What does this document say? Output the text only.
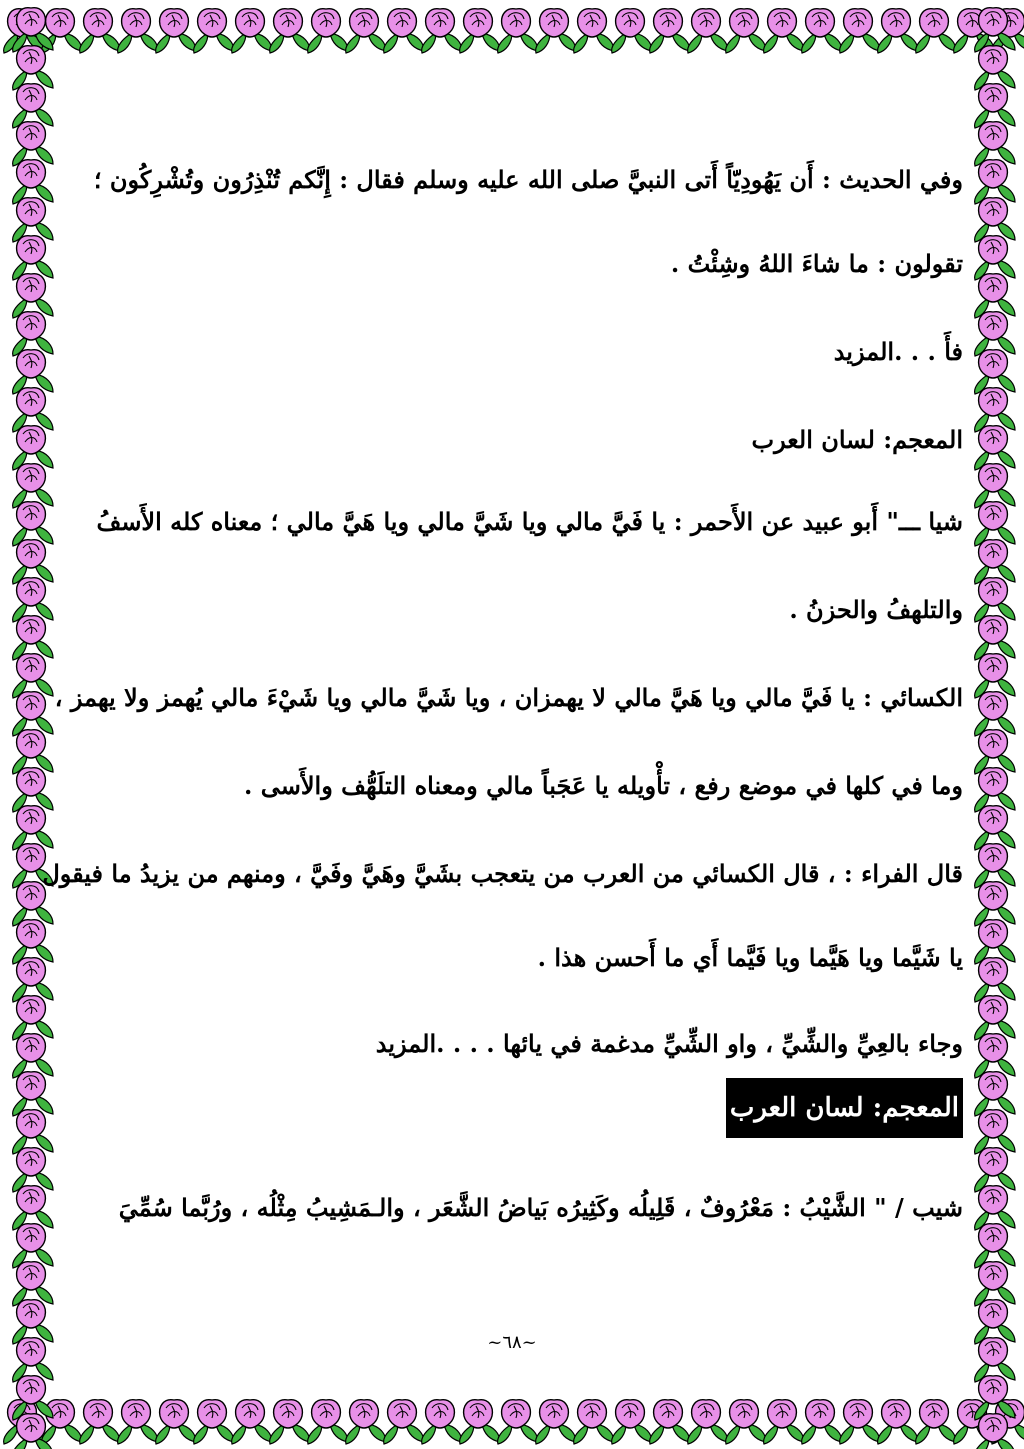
وفي الحديث : أَن يَهُودِيّاً أَتى النبيَّ صلى الله عليه وسلم فقال : إِنَّكم تُنْذِرُون وتُشْرِكُون ؛
تقولون : ما شاءَ اللهُ وشِئْتُ .
فأَ . . .المزيد
المعجم: لسان العرب
شيا ـــ" أَبو عبيد عن الأَحمر : يا فَيَّ مالي ويا شَيَّ مالي ويا هَيَّ مالي ؛ معناه كله الأَسفُ
والتلهفُ والحزنُ .
الكسائي : يا فَيَّ مالي ويا هَيَّ مالي لا يهمزان ، ويا شَيَّ مالي ويا شَيْءَ مالي يُهمز ولا يهمز ،
وما في كلها في موضع رفع ، تأْويله يا عَجَباً مالي ومعناه التلَهُّف والأَسى .
قال الفراء : ، قال الكسائي من العرب من يتعجب بشَيَّ وهَيَّ وفَيَّ ، ومنهم من يزيدُ ما فيقول
يا شَيَّما ويا هَيَّما ويا فَيَّما أَي ما أَحسن هذا .
وجاء بالعِيِّ والشِّيِّ ، واو الشِّيِّ مدغمة في يائها . . . .المزيد
المعجم: لسان العرب
شيب / " الشَّيْبُ : مَعْرُوفٌ ، قَلِيلُه وكَثِيرُه بَياضُ الشَّعَر ، والـمَشِيبُ مِثْلُه ، ورُبَّما سُمِّيَ
~٦٨~
